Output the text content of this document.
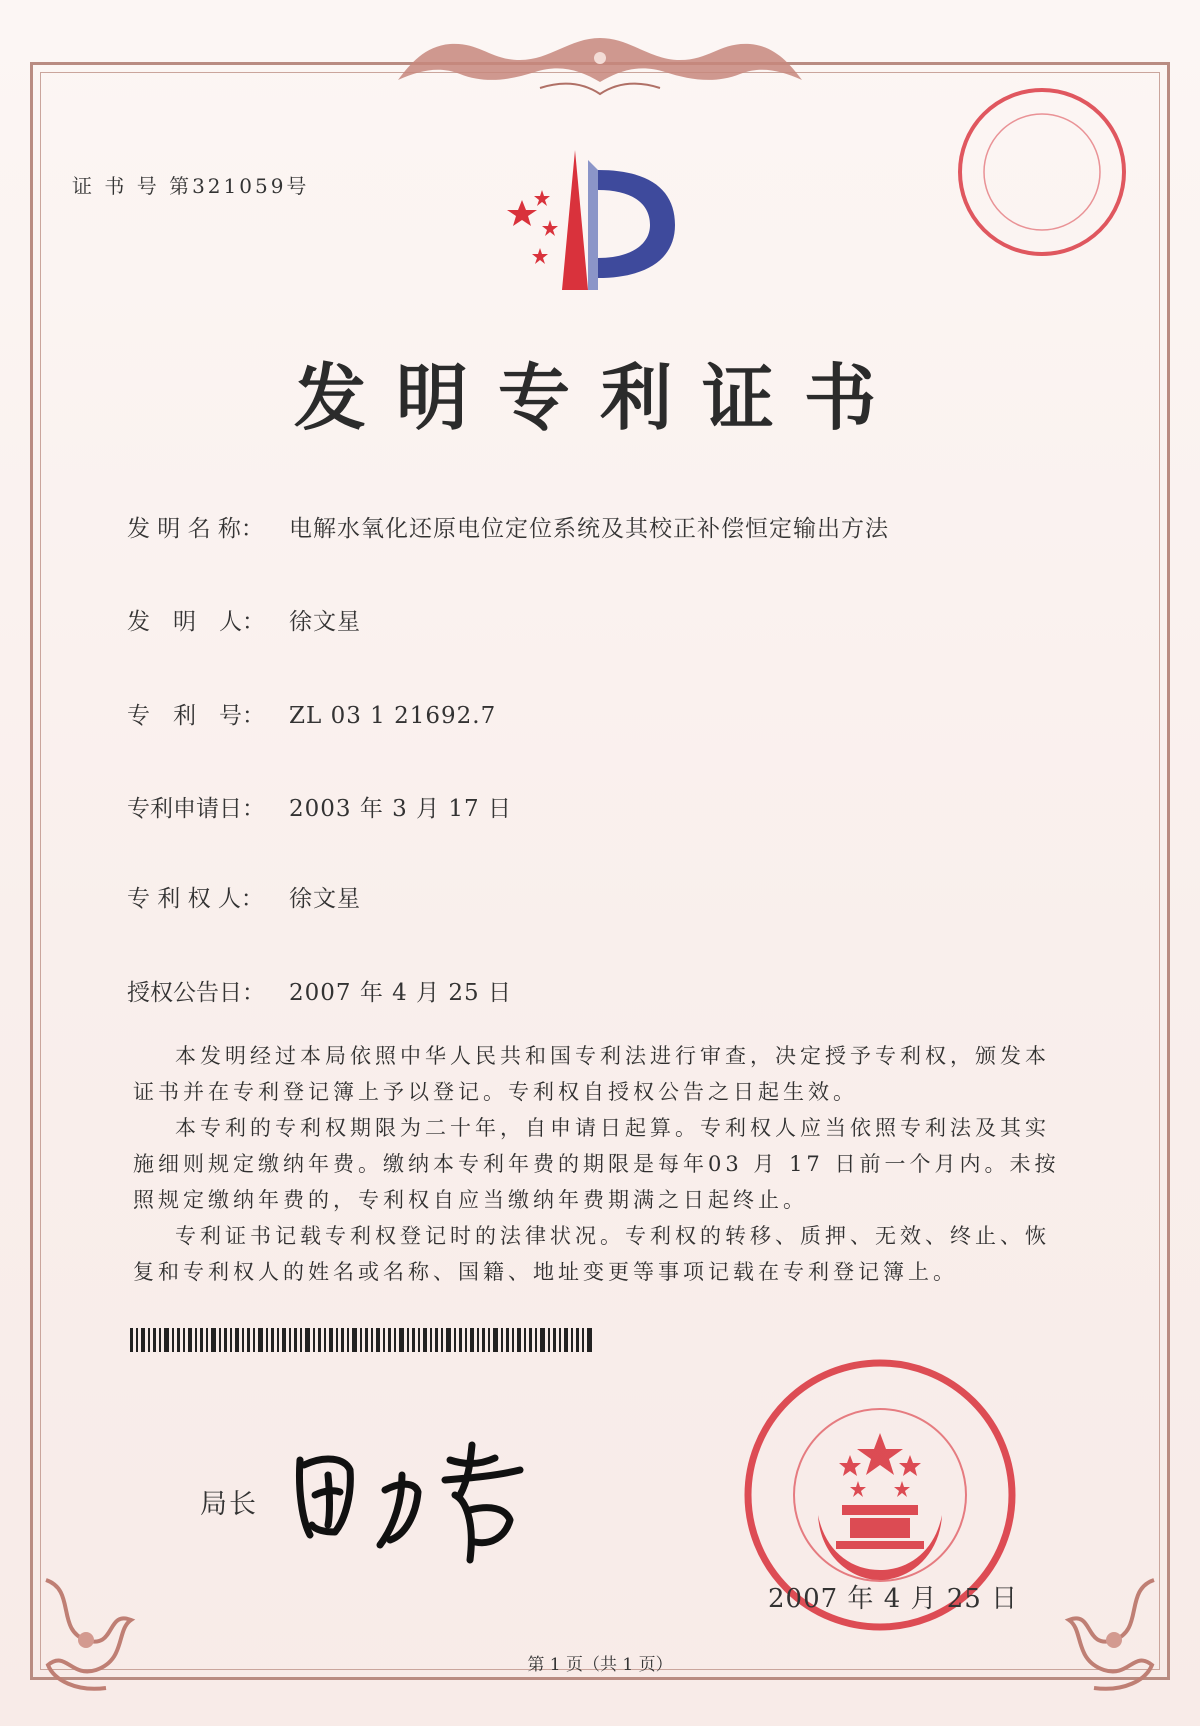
证 书 号 第321059号
发明专利证书
发 明 名 称： 电解水氧化还原电位定位系统及其校正补偿恒定输出方法
发　明　人： 徐文星
专　利　号： ZL 03 1 21692.7
专利申请日： 2003 年 3 月 17 日
专 利 权 人： 徐文星
授权公告日： 2007 年 4 月 25 日

本发明经过本局依照中华人民共和国专利法进行审查，决定授予专利权，颁发本证书并在专利登记簿上予以登记。专利权自授权公告之日起生效。

本专利的专利权期限为二十年，自申请日起算。专利权人应当依照专利法及其实施细则规定缴纳年费。缴纳本专利年费的期限是每年03 月 17 日前一个月内。未按照规定缴纳年费的，专利权自应当缴纳年费期满之日起终止。

专利证书记载专利权登记时的法律状况。专利权的转移、质押、无效、终止、恢复和专利权人的姓名或名称、国籍、地址变更等事项记载在专利登记簿上。

局长
2007 年 4 月 25 日
第 1 页（共 1 页）
